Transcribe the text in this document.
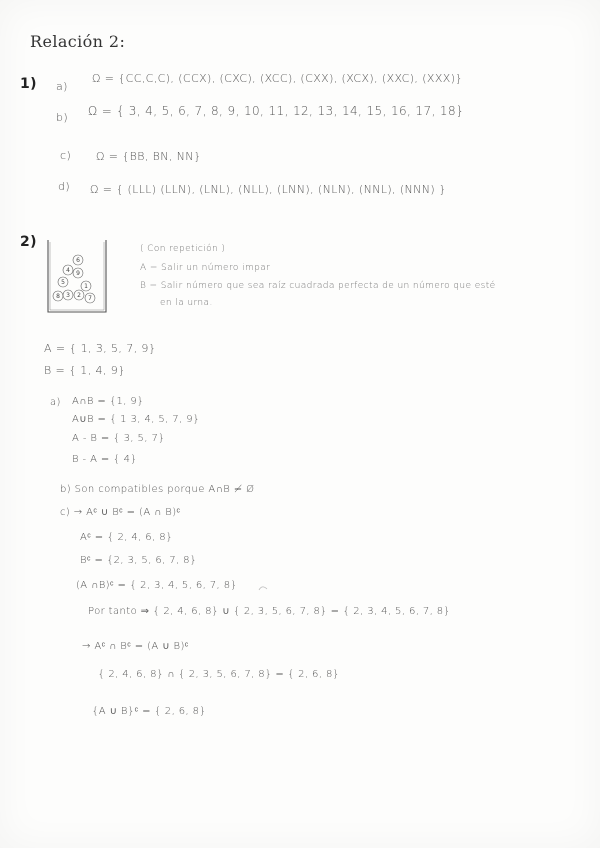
Relación 2:
1) a)
Ω = {CC,C,C), (CCX), (CXC), (XCC), (CXX), (XCX), (XXC), (XXX)}
b) Ω = { 3, 4, 5, 6, 7, 8, 9, 10, 11, 12, 13, 14, 15, 16, 17, 18}
c) Ω = {BB, BN, NN}
d) Ω = { (LLL) (LLN), (LNL), (NLL), (LNN), (NLN), (NNL), (NNN) }
2)
6
4 9
5
1
3 2 7
8
( Con repetición )
A = Salir un número impar
B = Salir número que sea raíz cuadrada perfecta de un número que esté
en la urna.
A = { 1, 3, 5, 7, 9}
B = { 1, 4, 9}
a) A∩B = {1, 9}
A∪B = { 1 3, 4, 5, 7, 9}
A - B = { 3, 5, 7}
B - A = { 4}
b) Son compatibles porque A∩B ≠ Ø
c) → Aᶜ ∪ Bᶜ = (A ∩ B)ᶜ
Aᶜ = { 2, 4, 6, 8}
Bᶜ = {2, 3, 5, 6, 7, 8}
(A ∩B)ᶜ = { 2, 3, 4, 5, 6, 7, 8}
Por tanto ⇒ { 2, 4, 6, 8} ∪ { 2, 3, 5, 6, 7, 8} = { 2, 3, 4, 5, 6, 7, 8}
→ Aᶜ ∩ Bᶜ = (A ∪ B)ᶜ
{ 2, 4, 6, 8} ∩ { 2, 3, 5, 6, 7, 8} = { 2, 6, 8}
{A ∪ B}ᶜ = { 2, 6, 8}
